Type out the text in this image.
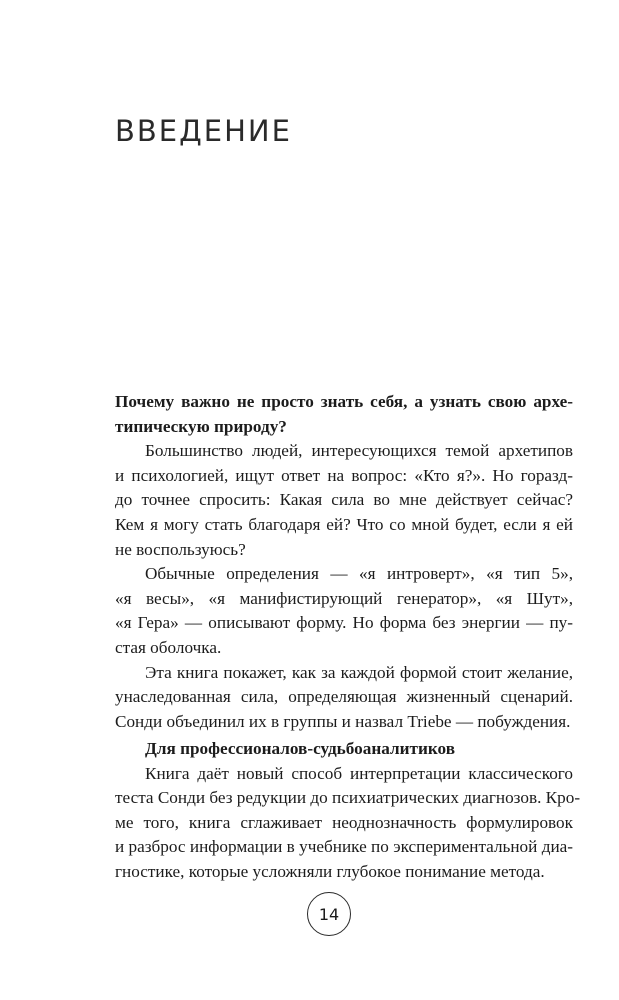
ВВЕДЕНИЕ
Почему важно не просто знать себя, а узнать свою архе-
типическую природу?
Большинство людей, интересующихся темой архетипов
и психологией, ищут ответ на вопрос: «Кто я?». Но горазд-
до точнее спросить: Какая сила во мне действует сейчас?
Кем я могу стать благодаря ей? Что со мной будет, если я ей
не воспользуюсь?
Обычные определения — «я интроверт», «я тип 5»,
«я весы», «я манифистирующий генератор», «я Шут»,
«я Гера» — описывают форму. Но форма без энергии — пу-
стая оболочка.
Эта книга покажет, как за каждой формой стоит желание,
унаследованная сила, определяющая жизненный сценарий.
Сонди объединил их в группы и назвал Triebe — побуждения.
Для профессионалов-судьбоаналитиков
Книга даёт новый способ интерпретации классического
теста Сонди без редукции до психиатрических диагнозов. Кро-
ме того, книга сглаживает неоднозначность формулировок
и разброс информации в учебнике по экспериментальной диа-
гностике, которые усложняли глубокое понимание метода.
14
